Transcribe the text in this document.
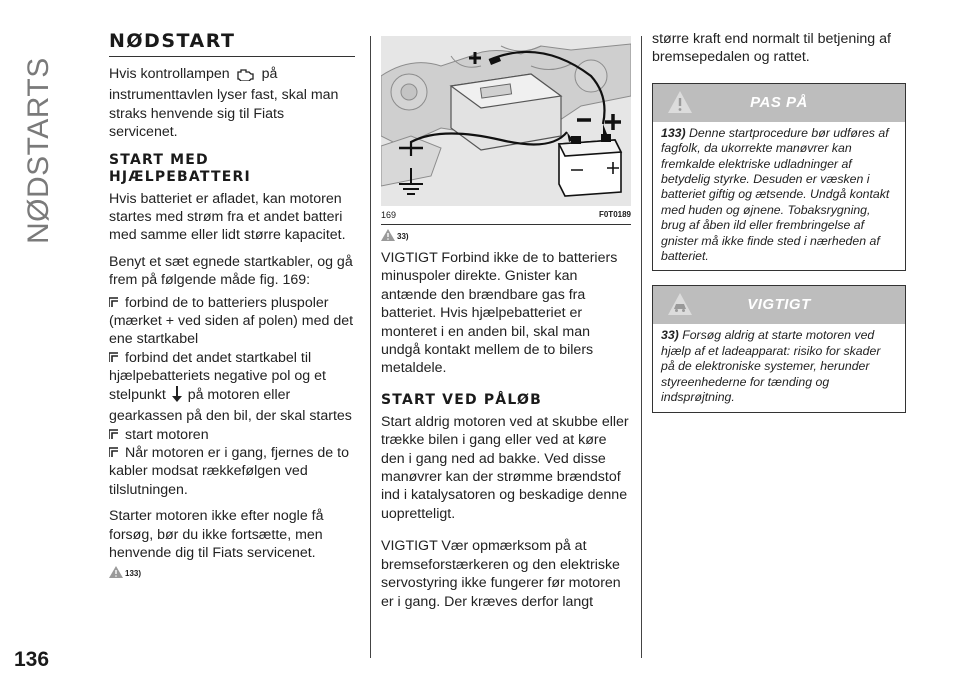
NØDSTARTS
136
NØDSTART

Hvis kontrollampen på instrumenttavlen lyser fast, skal man straks henvende sig til Fiats servicenet.

START MED HJÆLPEBATTERI

Hvis batteriet er afladet, kan motoren startes med strøm fra et andet batteri med samme eller lidt større kapacitet.

Benyt et sæt egnede startkabler, og gå frem på følgende måde fig. 169:

forbind de to batteriers pluspoler (mærket + ved siden af polen) med det ene startkabel
forbind det andet startkabel til hjælpebatteriets negative pol og et stelpunkt på motoren eller gearkassen på den bil, der skal startes
start motoren
Når motoren er i gang, fjernes de to kabler modsat rækkefølgen ved tilslutningen.

Starter motoren ikke efter nogle få forsøg, bør du ikke fortsætte, men henvende dig til Fiats servicenet.

133)
169	F0T0189
33)

VIGTIGT Forbind ikke de to batteriers minuspoler direkte. Gnister kan antænde den brændbare gas fra batteriet. Hvis hjælpebatteriet er monteret i en anden bil, skal man undgå kontakt mellem de to bilers metaldele.

START VED PÅLØB

Start aldrig motoren ved at skubbe eller trække bilen i gang eller ved at køre den i gang ned ad bakke. Ved disse manøvrer kan der strømme brændstof ind i katalysatoren og beskadige denne uopretteligt.

VIGTIGT Vær opmærksom på at bremseforstærkeren og den elektriske servostyring ikke fungerer før motoren er i gang. Der kræves derfor langt

større kraft end normalt til betjening af bremsepedalen og rattet.

PAS PÅ
133) Denne startprocedure bør udføres af fagfolk, da ukorrekte manøvrer kan fremkalde elektriske udladninger af betydelig styrke. Desuden er væsken i batteriet giftig og ætsende. Undgå kontakt med huden og øjnene. Tobaksrygning, brug af åben ild eller frembringelse af gnister må ikke finde sted i nærheden af batteriet.
VIGTIGT
33) Forsøg aldrig at starte motoren ved hjælp af et ladeapparat: risiko for skader på de elektroniske systemer, herunder styreenhederne for tænding og indsprøjtning.
